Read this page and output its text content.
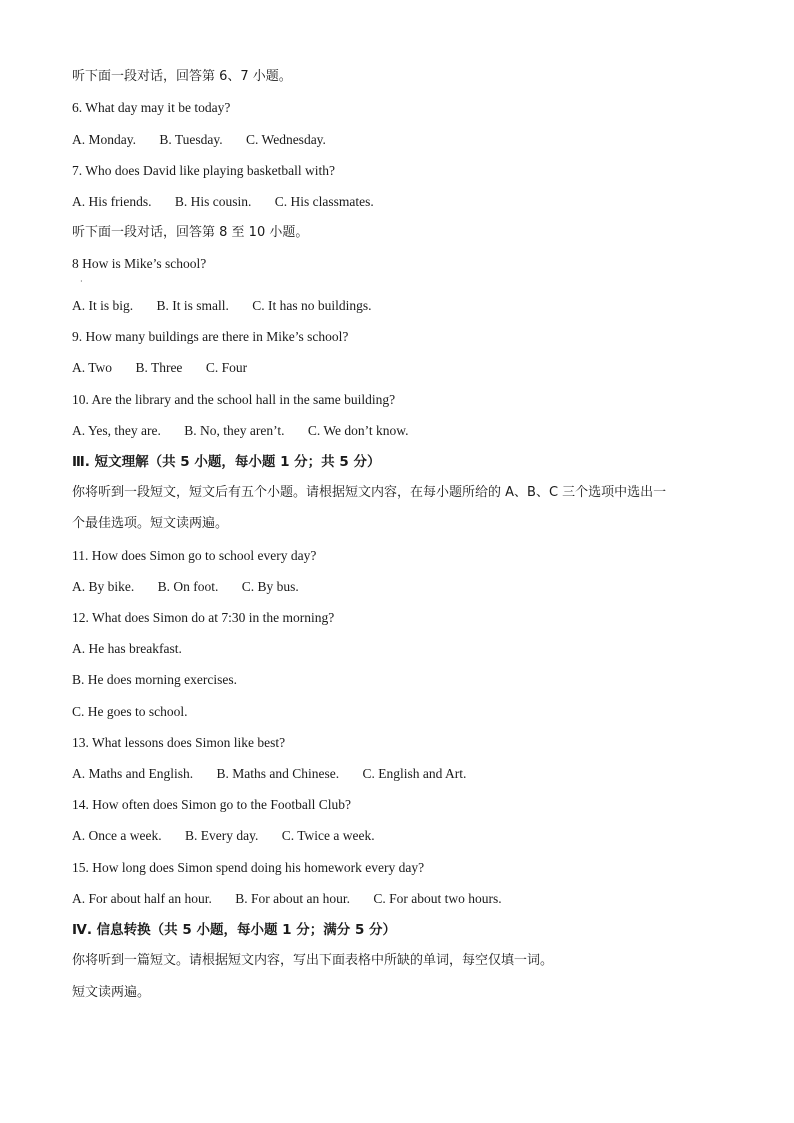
听下面一段对话，回答第 6、7 小题。
6. What day may it be today?
A. Monday. B. Tuesday. C. Wednesday.
7. Who does David like playing basketball with?
A. His friends. B. His cousin. C. His classmates.
听下面一段对话，回答第 8 至 10 小题。
8 How is Mike’s school?
·
A. It is big. B. It is small. C. It has no buildings.
9. How many buildings are there in Mike’s school?
A. Two B. Three C. Four
10. Are the library and the school hall in the same building?
A. Yes, they are. B. No, they aren’t. C. We don’t know.
Ⅲ. 短文理解（共 5 小题，每小题 1 分；共 5 分）
你将听到一段短文，短文后有五个小题。请根据短文内容，在每小题所给的 A、B、C 三个选项中选出一
个最佳选项。短文读两遍。
11. How does Simon go to school every day?
A. By bike. B. On foot. C. By bus.
12. What does Simon do at 7:30 in the morning?
A. He has breakfast.
B. He does morning exercises.
C. He goes to school.
13. What lessons does Simon like best?
A. Maths and English. B. Maths and Chinese. C. English and Art.
14. How often does Simon go to the Football Club?
A. Once a week. B. Every day. C. Twice a week.
15. How long does Simon spend doing his homework every day?
A. For about half an hour. B. For about an hour. C. For about two hours.
Ⅳ. 信息转换（共 5 小题，每小题 1 分；满分 5 分）
你将听到一篇短文。请根据短文内容，写出下面表格中所缺的单词，每空仅填一词。
短文读两遍。
